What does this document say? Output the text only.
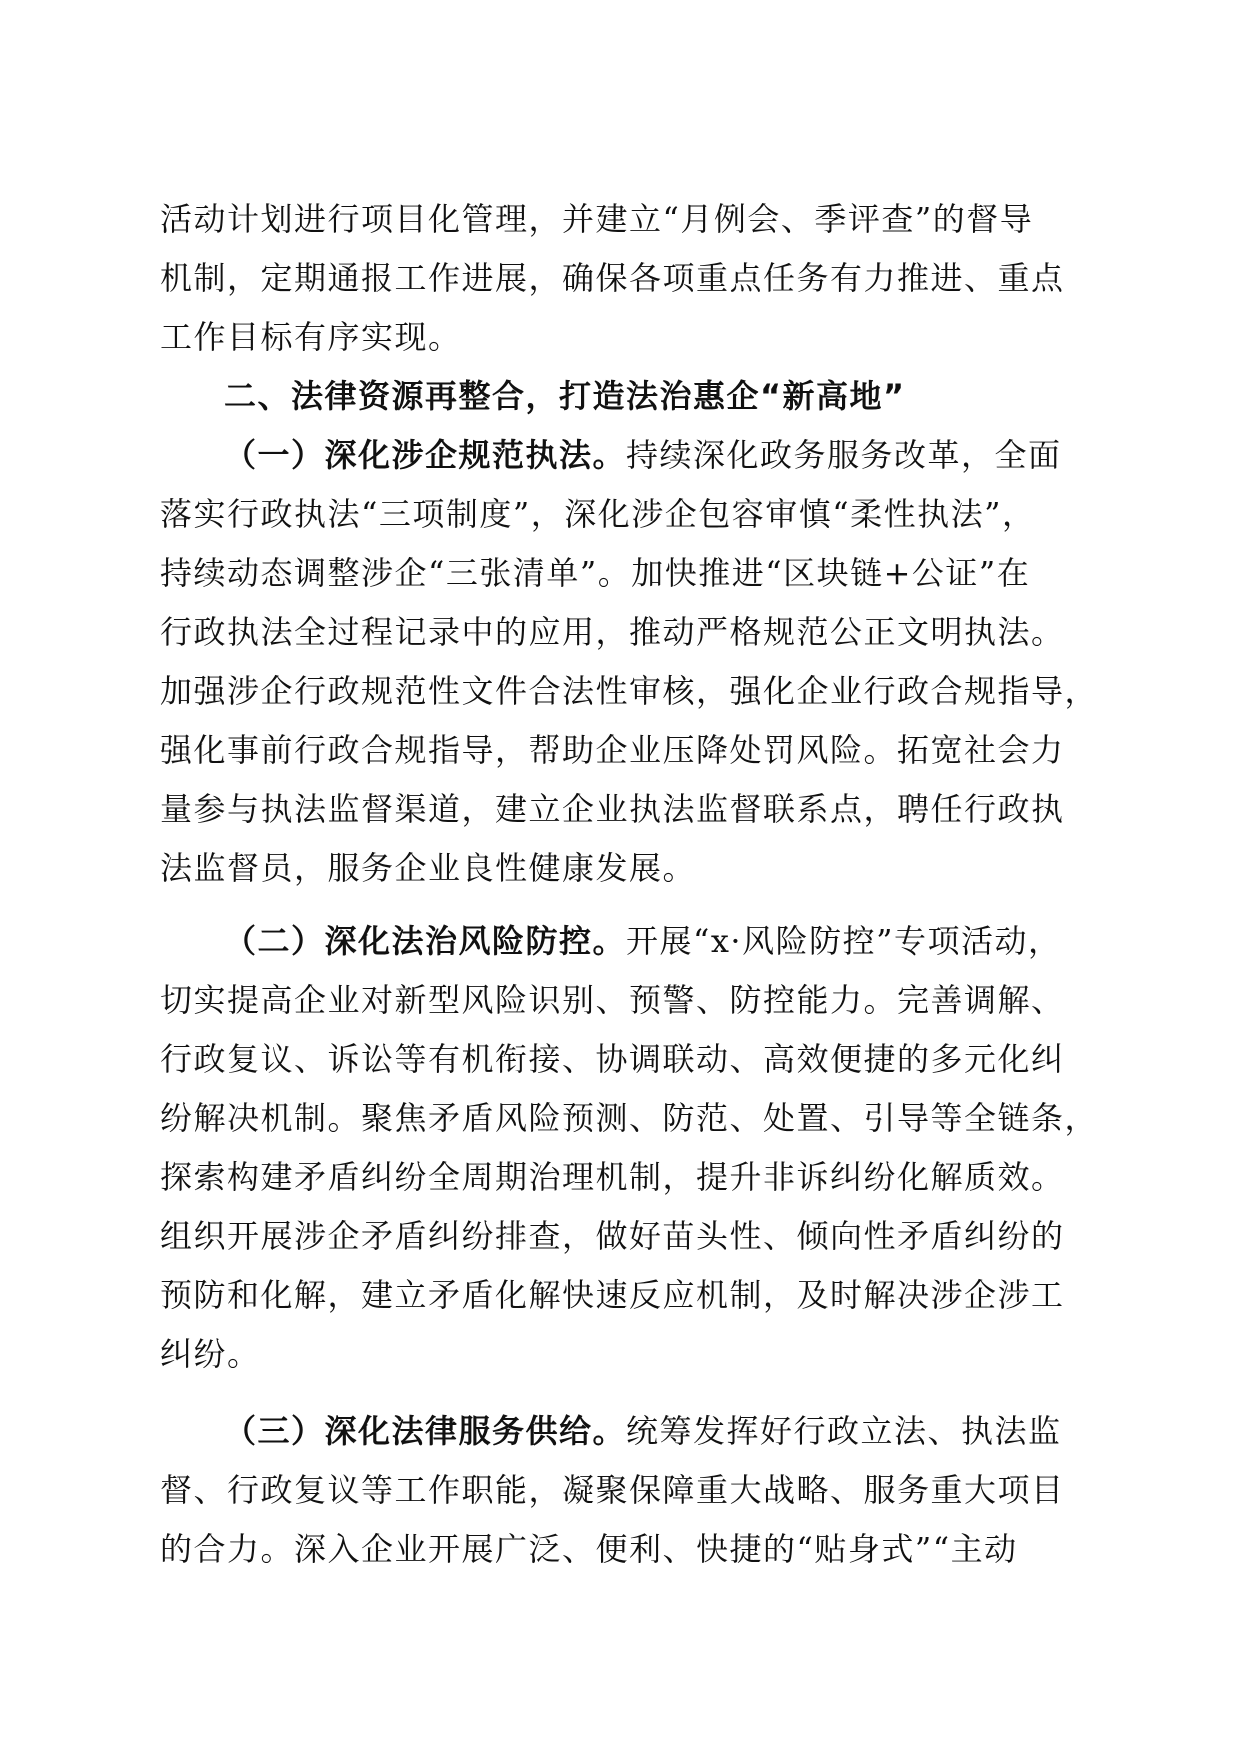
活动计划进行项目化管理，并建立“月例会、季评查”的督导
机制，定期通报工作进展，确保各项重点任务有力推进、重点
工作目标有序实现。
二、法律资源再整合，打造法治惠企“新高地”
（一）深化涉企规范执法。持续深化政务服务改革，全面
落实行政执法“三项制度”，深化涉企包容审慎“柔性执法”，
持续动态调整涉企“三张清单”。加快推进“区块链+公证”在
行政执法全过程记录中的应用，推动严格规范公正文明执法。
加强涉企行政规范性文件合法性审核，强化企业行政合规指导，
强化事前行政合规指导，帮助企业压降处罚风险。拓宽社会力
量参与执法监督渠道，建立企业执法监督联系点，聘任行政执
法监督员，服务企业良性健康发展。
（二）深化法治风险防控。开展“x·风险防控”专项活动，
切实提高企业对新型风险识别、预警、防控能力。完善调解、
行政复议、诉讼等有机衔接、协调联动、高效便捷的多元化纠
纷解决机制。聚焦矛盾风险预测、防范、处置、引导等全链条，
探索构建矛盾纠纷全周期治理机制，提升非诉纠纷化解质效。
组织开展涉企矛盾纠纷排查，做好苗头性、倾向性矛盾纠纷的
预防和化解，建立矛盾化解快速反应机制，及时解决涉企涉工
纠纷。
（三）深化法律服务供给。统筹发挥好行政立法、执法监
督、行政复议等工作职能，凝聚保障重大战略、服务重大项目
的合力。深入企业开展广泛、便利、快捷的“贴身式”“主动
